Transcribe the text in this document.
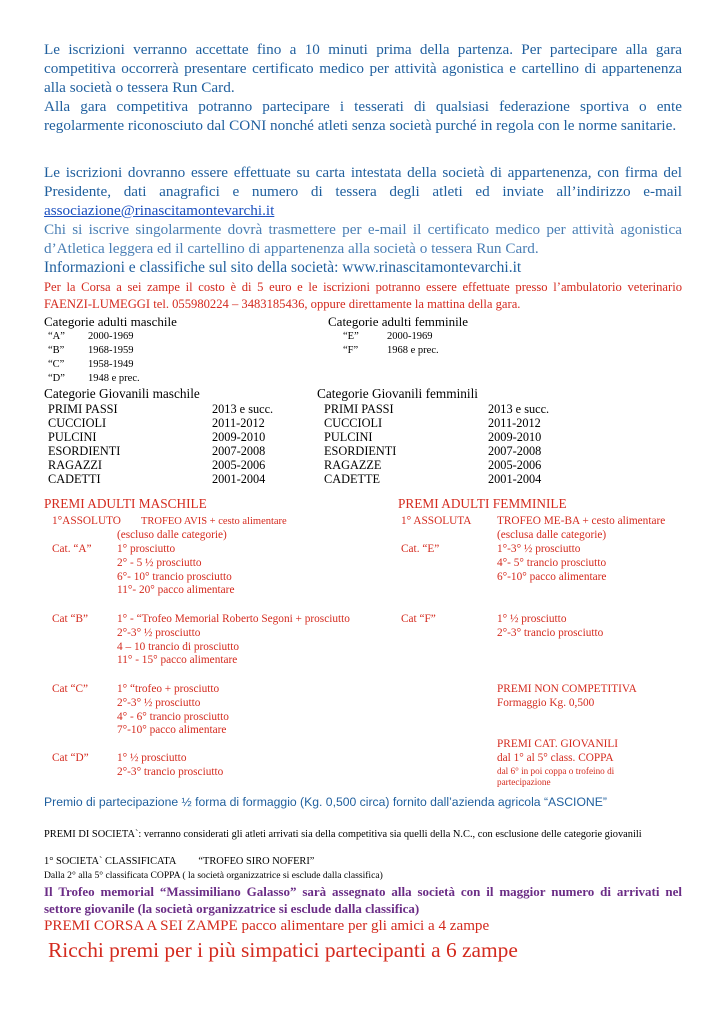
Le iscrizioni verranno accettate fino a 10 minuti prima della partenza. Per partecipare alla gara competitiva occorrerà presentare certificato medico per attività agonistica e cartellino di appartenenza alla società o tessera Run Card.
Alla gara competitiva potranno partecipare i tesserati di qualsiasi federazione sportiva o ente regolarmente riconosciuto dal CONI nonché atleti senza società purché in regola con le norme sanitarie.
Le iscrizioni dovranno essere effettuate su carta intestata della società di appartenenza, con firma del Presidente, dati anagrafici e numero di tessera degli atleti ed inviate all’indirizzo e-mail associazione@rinascitamontevarchi.it
Chi si iscrive singolarmente dovrà trasmettere per e-mail il certificato medico per attività agonistica d’Atletica leggera ed il cartellino di appartenenza alla società o tessera Run Card.
Informazioni e classifiche sul sito della società: www.rinascitamontevarchi.it
Per la Corsa a sei zampe il costo è di 5 euro e le iscrizioni potranno essere effettuate presso l’ambulatorio veterinario FAENZI-LUMEGGI tel. 055980224 – 3483185436, oppure direttamente la mattina della gara.
Categorie adulti maschile
“A” 2000-1969
“B” 1968-1959
“C” 1958-1949
“D” 1948 e prec.
Categorie adulti femminile
“E”	2000-1969
“F”	1968 e prec.
Categorie Giovanili maschile
PRIMI PASSI	2013 e succ.
CUCCIOLI	2011-2012
PULCINI	2009-2010
ESORDIENTI	2007-2008
RAGAZZI	2005-2006
CADETTI	2001-2004
Categorie Giovanili femminili
PRIMI PASSI	2013 e succ.
CUCCIOLI	2011-2012
PULCINI	2009-2010
ESORDIENTI	2007-2008
RAGAZZE	2005-2006
CADETTE	2001-2004
PREMI ADULTI MASCHILE
1°ASSOLUTO TROFEO AVIS + cesto alimentare
(escluso dalle categorie)
Cat. “A” 1° prosciutto
2° - 5 ½ prosciutto
6°- 10° trancio prosciutto
11°- 20° pacco alimentare
Cat “B”	1° - “Trofeo Memorial Roberto Segoni + prosciutto
2°-3° ½ prosciutto
4 – 10 trancio di prosciutto
11° - 15° pacco alimentare
Cat “C”	1° “trofeo + prosciutto
2°-3° ½ prosciutto
4° - 6° trancio prosciutto
7°-10° pacco alimentare
Cat “D”	1° ½ prosciutto
2°-3° trancio prosciutto
PREMI ADULTI FEMMINILE
1° ASSOLUTA TROFEO ME-BA + cesto alimentare
(esclusa dalle categorie)
Cat. “E”	1°-3° ½ prosciutto
4°- 5° trancio prosciutto
6°-10° pacco alimentare
Cat “F”	1° ½ prosciutto
2°-3° trancio prosciutto
PREMI NON COMPETITIVA
Formaggio Kg. 0,500
PREMI CAT. GIOVANILI
dal 1° al 5° class. COPPA
dal 6° in poi coppa o trofeino di
partecipazione
Premio di partecipazione ½ forma di formaggio (Kg. 0,500 circa) fornito dall’azienda agricola “ASCIONE”
PREMI DI SOCIETA`: verranno considerati gli atleti arrivati sia della competitiva sia quelli della N.C., con esclusione delle categorie giovanili
1° SOCIETA` CLASSIFICATA “TROFEO SIRO NOFERI”
Dalla 2° alla 5° classificata COPPA ( la società organizzatrice si esclude dalla classifica)
Il Trofeo memorial “Massimiliano Galasso” sarà assegnato alla società con il maggior numero di arrivati nel settore giovanile (la società organizzatrice si esclude dalla classifica)
PREMI CORSA A SEI ZAMPE pacco alimentare per gli amici a 4 zampe
Ricchi premi per i più simpatici partecipanti a 6 zampe
